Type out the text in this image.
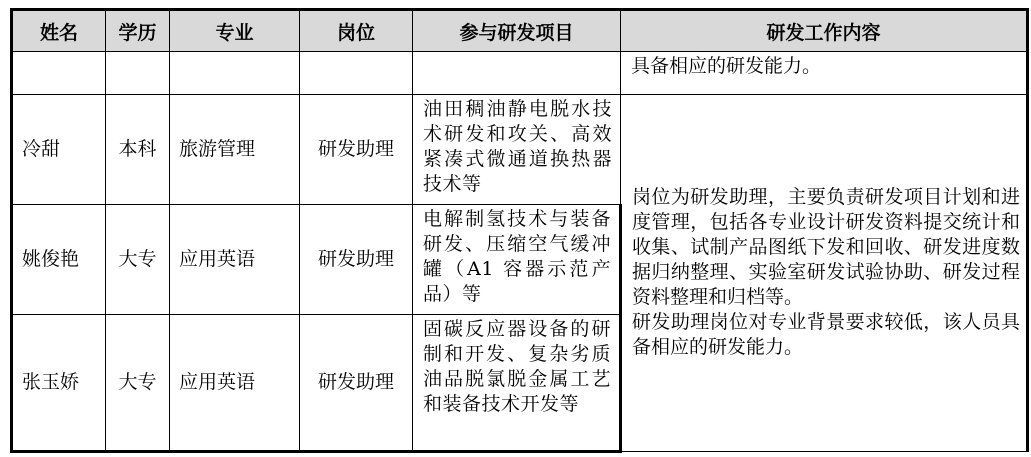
姓名	学历	专业	岗位	参与研发项目	研发工作内容
					具备相应的研发能力。
冷甜	本科	旅游管理	研发助理	油田稠油静电脱水技术研发和攻关、高效紧凑式微通道换热器技术等	岗位为研发助理，主要负责研发项目计划和进度管理，包括各专业设计研发资料提交统计和收集、试制产品图纸下发和回收、研发进度数据归纳整理、实验室研发试验协助、研发过程资料整理和归档等。

研发助理岗位对专业背景要求较低，该人员具备相应的研发能力。

姚俊艳	大专	应用英语	研发助理	电解制氢技术与装备研发、压缩空气缓冲罐（A1 容器示范产品）等	
张玉娇	大专	应用英语	研发助理	固碳反应器设备的研制和开发、复杂劣质油品脱氯脱金属工艺和装备技术开发等	
